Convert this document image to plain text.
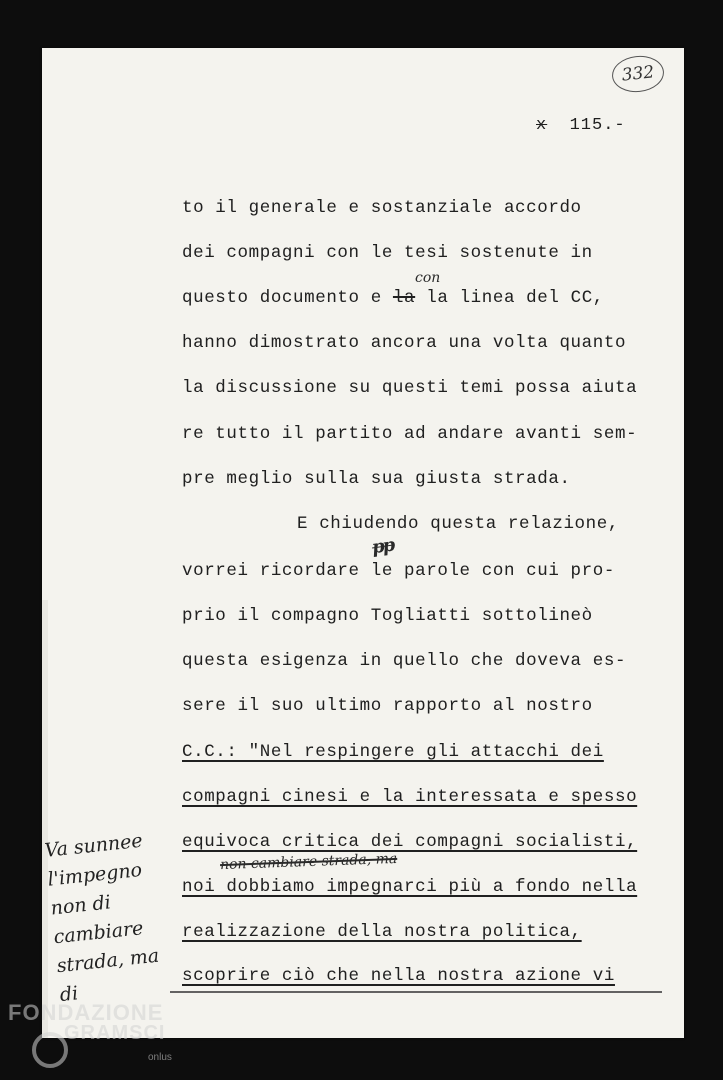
332
x 115.-
to il generale e sostanziale accordo
dei compagni con le tesi sostenute in
questo documento e la la linea del CC,
con
hanno dimostrato ancora una volta quanto
la discussione su questi temi possa aiuta
re tutto il partito ad andare avanti sem-
pre meglio sulla sua giusta strada.
E chiudendo questa relazione,
pp
vorrei ricordare le parole con cui pro-
prio il compagno Togliatti sottolineò
questa esigenza in quello che doveva es-
sere il suo ultimo rapporto al nostro
C.C.: "Nel respingere gli attacchi dei
compagni cinesi e la interessata e spesso
equivoca critica dei compagni socialisti,
non cambiare strada, ma
noi dobbiamo impegnarci più a fondo nella
realizzazione della nostra politica,
scoprire ciò che nella nostra azione vi
Va sunnee
l'impegno
non di
cambiare
strada, ma
di
FONDAZIONE
GRAMSCI
onlus
